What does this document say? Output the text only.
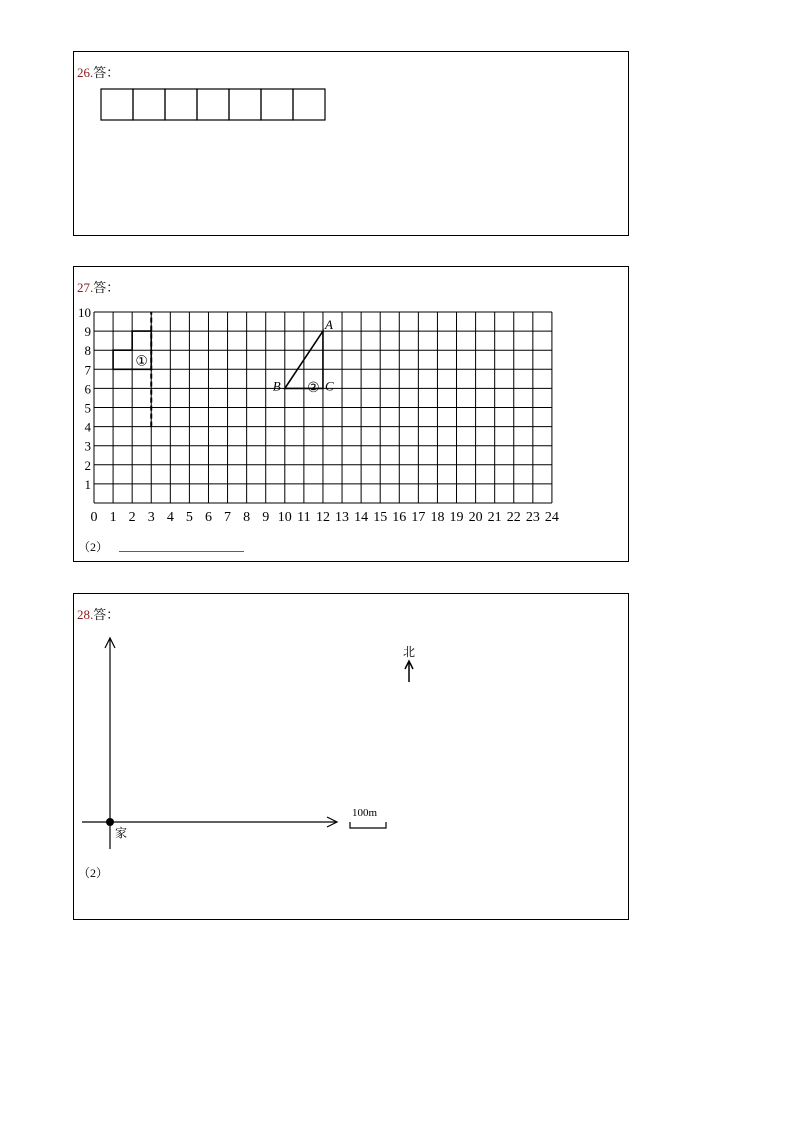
26.答：
27.答：
0 1 2 3 4 5 6 7 8 9 10 11 12 13 14 15 16 17 18 19 20 21 22 23 24
1
2
3
4
5
6
7
8
9
10
①
②
A
B	C
（2）
28.答：
家
北
100m
（2）
